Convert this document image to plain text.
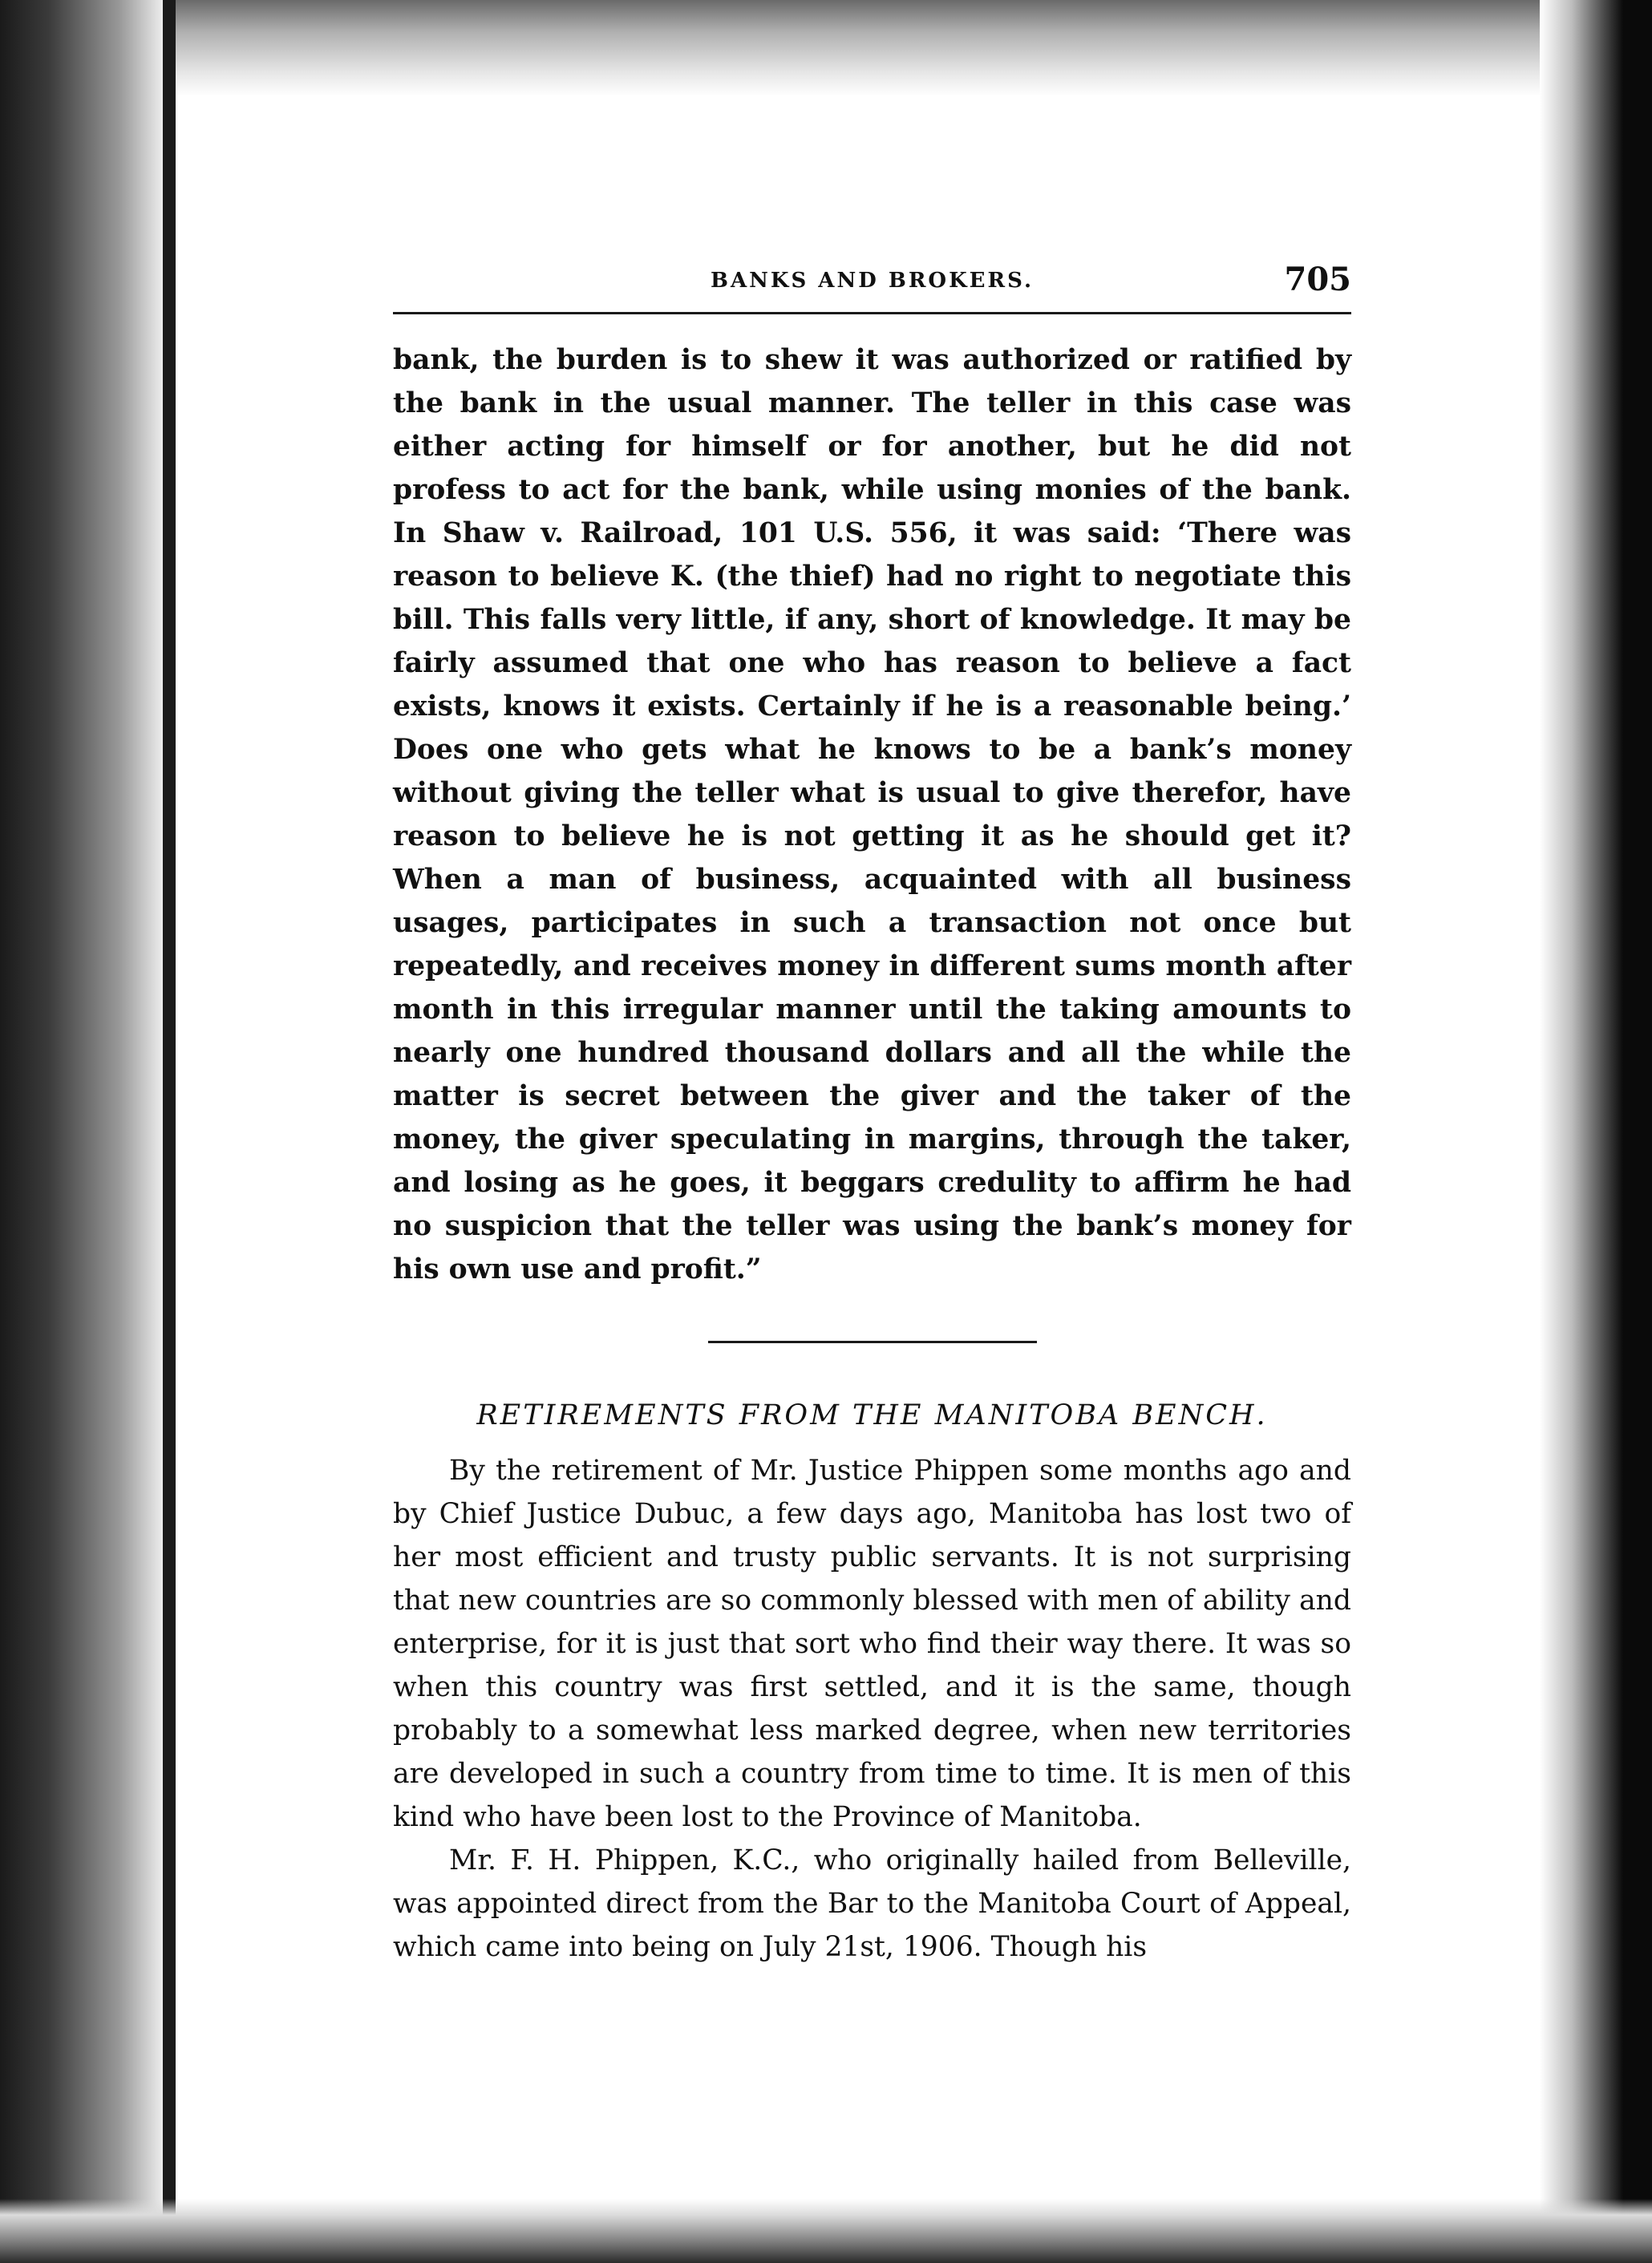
BANKS AND BROKERS.	705

bank, the burden is to shew it was authorized or ratified by the bank in the usual manner. The teller in this case was either acting for himself or for another, but he did not profess to act for the bank, while using monies of the bank. In Shaw v. Railroad, 101 U.S. 556, it was said: ‘There was reason to believe K. (the thief) had no right to negotiate this bill. This falls very little, if any, short of knowledge. It may be fairly assumed that one who has reason to believe a fact exists, knows it exists. Certainly if he is a reasonable being.’ Does one who gets what he knows to be a bank’s money without giving the teller what is usual to give therefor, have reason to believe he is not getting it as he should get it? When a man of business, acquainted with all business usages, participates in such a transaction not once but repeatedly, and receives money in different sums month after month in this irregular manner until the taking amounts to nearly one hundred thousand dollars and all the while the matter is secret between the giver and the taker of the money, the giver speculating in margins, through the taker, and losing as he goes, it beggars credulity to affirm he had no suspicion that the teller was using the bank’s money for his own use and profit.”

RETIREMENTS FROM THE MANITOBA BENCH.

By the retirement of Mr. Justice Phippen some months ago and by Chief Justice Dubuc, a few days ago, Manitoba has lost two of her most efficient and trusty public servants. It is not surprising that new countries are so commonly blessed with men of ability and enterprise, for it is just that sort who find their way there. It was so when this country was first settled, and it is the same, though probably to a somewhat less marked degree, when new territories are developed in such a country from time to time. It is men of this kind who have been lost to the Province of Manitoba.

Mr. F. H. Phippen, K.C., who originally hailed from Belleville, was appointed direct from the Bar to the Manitoba Court of Appeal, which came into being on July 21st, 1906. Though his
